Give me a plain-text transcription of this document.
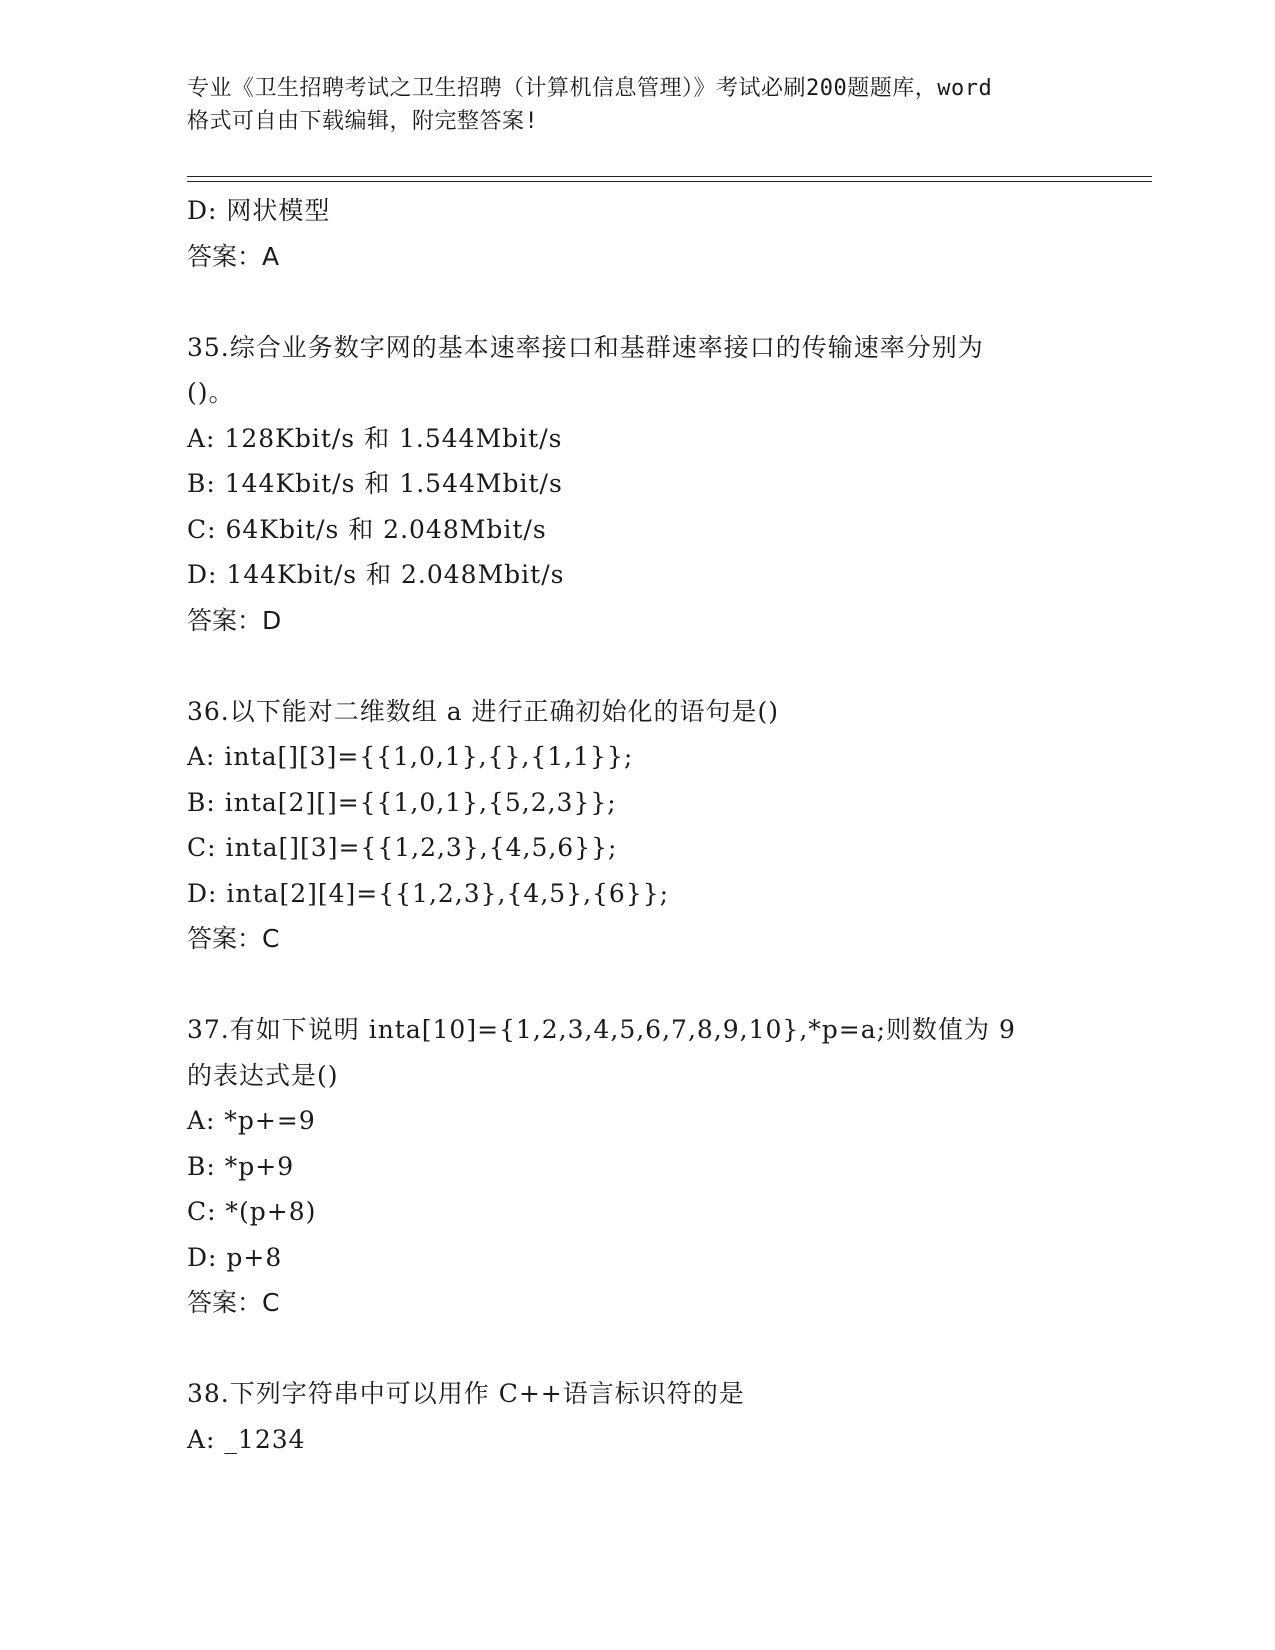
专业《卫生招聘考试之卫生招聘（计算机信息管理）》考试必刷200题题库，word
格式可自由下载编辑，附完整答案!
D: 网状模型
答案：A
35.综合业务数字网的基本速率接口和基群速率接口的传输速率分别为
()。
A: 128Kbit/s 和 1.544Mbit/s
B: 144Kbit/s 和 1.544Mbit/s
C: 64Kbit/s 和 2.048Mbit/s
D: 144Kbit/s 和 2.048Mbit/s
答案：D
36.以下能对二维数组 a 进行正确初始化的语句是()
A: inta[][3]={{1,0,1},{},{1,1}};
B: inta[2][]={{1,0,1},{5,2,3}};
C: inta[][3]={{1,2,3},{4,5,6}};
D: inta[2][4]={{1,2,3},{4,5},{6}};
答案：C
37.有如下说明 inta[10]={1,2,3,4,5,6,7,8,9,10},*p=a;则数值为 9
的表达式是()
A: *p+=9
B: *p+9
C: *(p+8)
D: p+8
答案：C
38.下列字符串中可以用作 C++语言标识符的是
A: _1234
